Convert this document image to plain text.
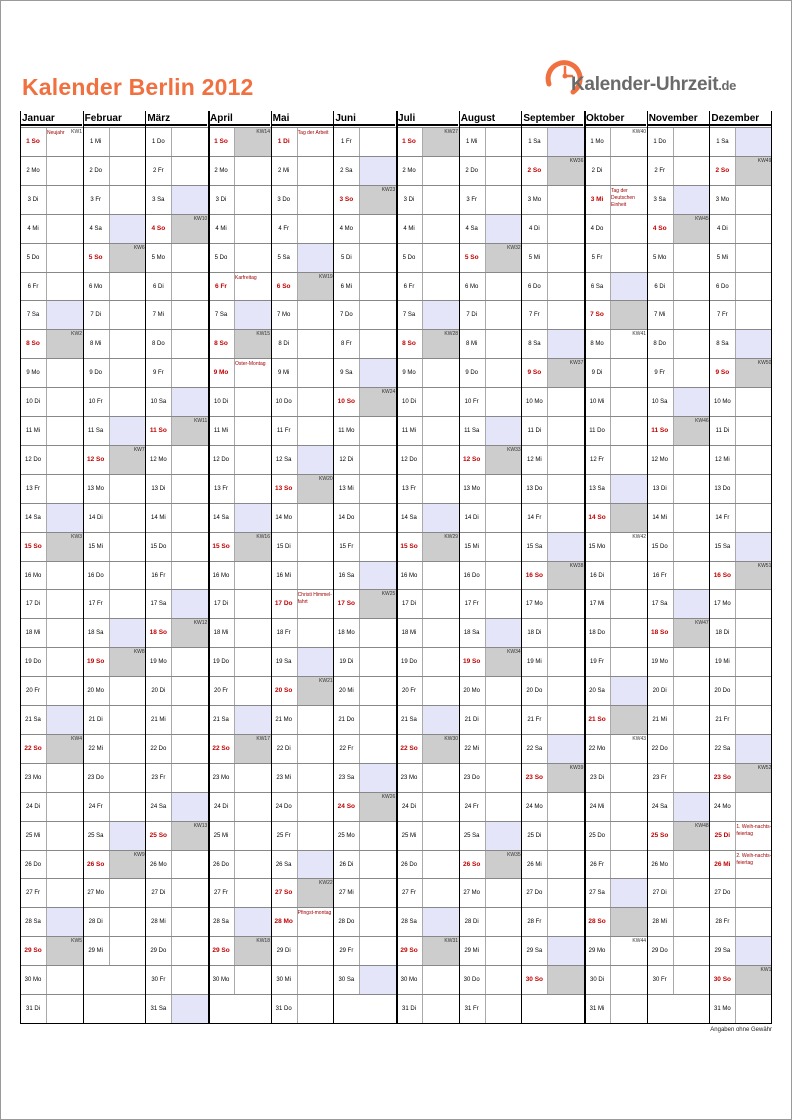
Kalender Berlin 2012	Kalender-Uhrzeit.de
Januar
1 So
Neujahr	KW1
2 Mo
3 Di
4 Mi
5 Do
6 Fr
7 Sa
8 So
KW2
9 Mo
10 Di
11 Mi
12 Do
13 Fr
14 Sa
15 So
KW3
16 Mo
17 Di
18 Mi
19 Do
20 Fr
21 Sa
22 So
KW4
23 Mo
24 Di
25 Mi
26 Do
27 Fr
28 Sa
29 So
KW5
30 Mo
31 Di
Februar
1 Mi
2 Do
3 Fr
4 Sa
5 So
KW6
6 Mo
7 Di
8 Mi
9 Do
10 Fr
11 Sa
12 So
KW7
13 Mo
14 Di
15 Mi
16 Do
17 Fr
18 Sa
19 So
KW8
20 Mo
21 Di
22 Mi
23 Do
24 Fr
25 Sa
26 So
KW9
27 Mo
28 Di
29 Mi
März
1 Do
2 Fr
3 Sa
4 So
KW10
5 Mo
6 Di
7 Mi
8 Do
9 Fr
10 Sa
11 So
KW11
12 Mo
13 Di
14 Mi
15 Do
16 Fr
17 Sa
18 So
KW12
19 Mo
20 Di
21 Mi
22 Do
23 Fr
24 Sa
25 So
KW13
26 Mo
27 Di
28 Mi
29 Do
30 Fr
31 Sa
April
1 So
KW14
2 Mo
3 Di
4 Mi
5 Do
6 Fr
Karfreitag
7 Sa
8 So
KW15
9 Mo
Oster-Montag
10 Di
11 Mi
12 Do
13 Fr
14 Sa
15 So
KW16
16 Mo
17 Di
18 Mi
19 Do
20 Fr
21 Sa
22 So
KW17
23 Mo
24 Di
25 Mi
26 Do
27 Fr
28 Sa
29 So
KW18
30 Mo
Mai
1 Di
Tag der Arbeit
2 Mi
3 Do
4 Fr
5 Sa
6 So
KW19
7 Mo
8 Di
9 Mi
10 Do
11 Fr
12 Sa
13 So
KW20
14 Mo
15 Di
16 Mi
17 Do
Christi Himmel-fahrt
18 Fr
19 Sa
20 So
KW21
21 Mo
22 Di
23 Mi
24 Do
25 Fr
26 Sa
27 So
KW22
28 Mo
Pfingst-montag
29 Di
30 Mi
31 Do
Juni
1 Fr
2 Sa
3 So
KW23
4 Mo
5 Di
6 Mi
7 Do
8 Fr
9 Sa
10 So
KW24
11 Mo
12 Di
13 Mi
14 Do
15 Fr
16 Sa
17 So
KW25
18 Mo
19 Di
20 Mi
21 Do
22 Fr
23 Sa
24 So
KW26
25 Mo
26 Di
27 Mi
28 Do
29 Fr
30 Sa
Juli
1 So
KW27
2 Mo
3 Di
4 Mi
5 Do
6 Fr
7 Sa
8 So
KW28
9 Mo
10 Di
11 Mi
12 Do
13 Fr
14 Sa
15 So
KW29
16 Mo
17 Di
18 Mi
19 Do
20 Fr
21 Sa
22 So
KW30
23 Mo
24 Di
25 Mi
26 Do
27 Fr
28 Sa
29 So
KW31
30 Mo
31 Di
August
1 Mi
2 Do
3 Fr
4 Sa
5 So
KW32
6 Mo
7 Di
8 Mi
9 Do
10 Fr
11 Sa
12 So
KW33
13 Mo
14 Di
15 Mi
16 Do
17 Fr
18 Sa
19 So
KW34
20 Mo
21 Di
22 Mi
23 Do
24 Fr
25 Sa
26 So
KW35
27 Mo
28 Di
29 Mi
30 Do
31 Fr
September
1 Sa
2 So
KW36
3 Mo
4 Di
5 Mi
6 Do
7 Fr
8 Sa
9 So
KW37
10 Mo
11 Di
12 Mi
13 Do
14 Fr
15 Sa
16 So
KW38
17 Mo
18 Di
19 Mi
20 Do
21 Fr
22 Sa
23 So
KW39
24 Mo
25 Di
26 Mi
27 Do
28 Fr
29 Sa
30 So
Oktober
1 Mo
KW40
2 Di
3 Mi
Tag der Deutschen Einheit
4 Do
5 Fr
6 Sa
7 So
8 Mo
KW41
9 Di
10 Mi
11 Do
12 Fr
13 Sa
14 So
15 Mo
KW42
16 Di
17 Mi
18 Do
19 Fr
20 Sa
21 So
22 Mo
KW43
23 Di
24 Mi
25 Do
26 Fr
27 Sa
28 So
29 Mo
KW44
30 Di
31 Mi
November
1 Do
2 Fr
3 Sa
4 So
KW45
5 Mo
6 Di
7 Mi
8 Do
9 Fr
10 Sa
11 So
KW46
12 Mo
13 Di
14 Mi
15 Do
16 Fr
17 Sa
18 So
KW47
19 Mo
20 Di
21 Mi
22 Do
23 Fr
24 Sa
25 So
KW48
26 Mo
27 Di
28 Mi
29 Do
30 Fr
Dezember
1 Sa
2 So
KW49
3 Mo
4 Di
5 Mi
6 Do
7 Fr
8 Sa
9 So
KW50
10 Mo
11 Di
12 Mi
13 Do
14 Fr
15 Sa
16 So
KW51
17 Mo
18 Di
19 Mi
20 Do
21 Fr
22 Sa
23 So
KW52
24 Mo
25 Di
1. Weih-nachts-feiertag
26 Mi
2. Weih-nachts-feiertag
27 Do
28 Fr
29 Sa
30 So
KW1
31 Mo
Angaben ohne Gewähr
